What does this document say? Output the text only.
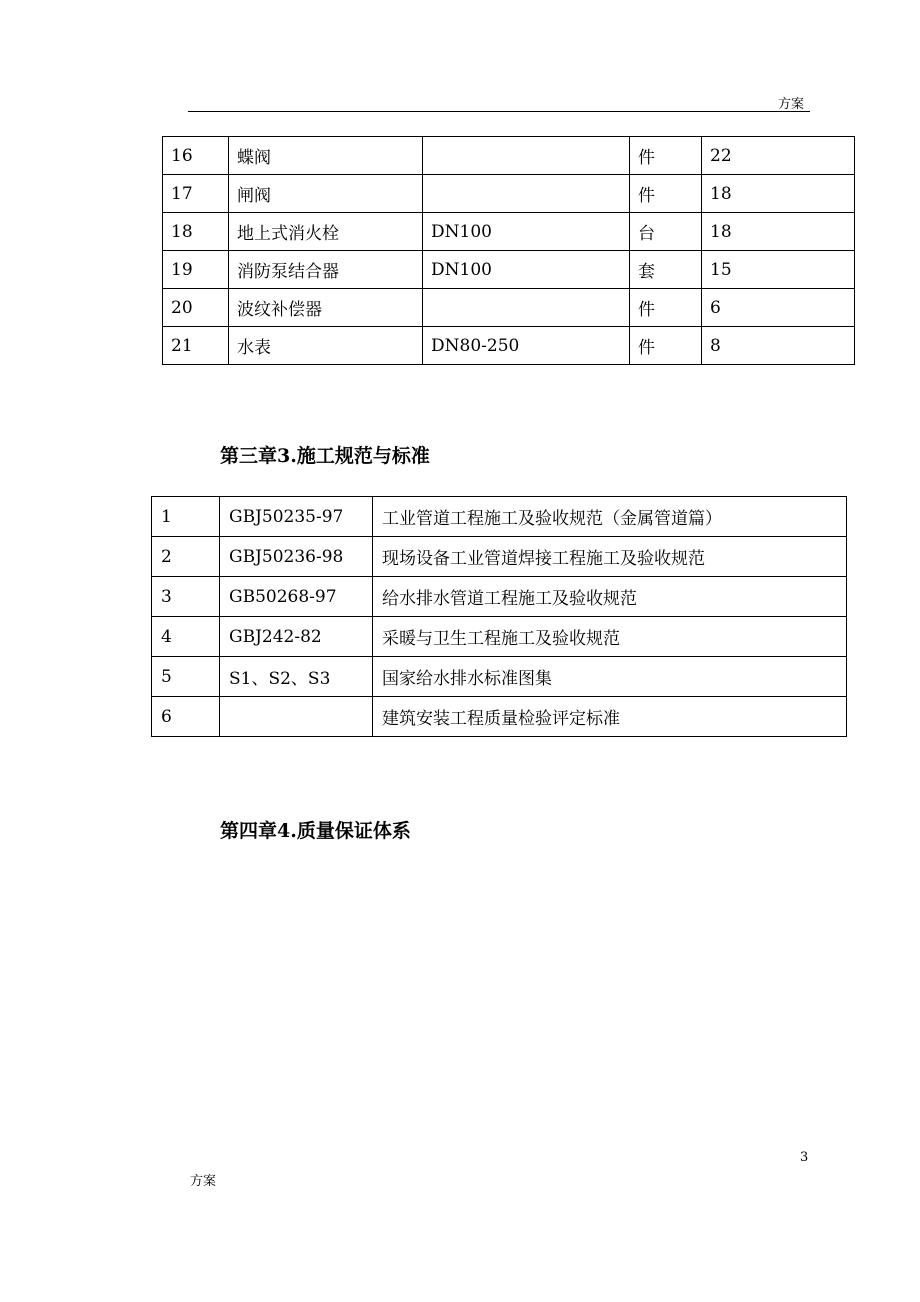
方案
16	蝶阀		件	22
17	闸阀		件	18
18	地上式消火栓	DN100	台	18
19	消防泵结合器	DN100	套	15
20	波纹补偿器		件	6
21	水表	DN80-250	件	8
第三章3.施工规范与标准
1	GBJ50235-97	工业管道工程施工及验收规范（金属管道篇）
2	GBJ50236-98	现场设备工业管道焊接工程施工及验收规范
3	GB50268-97	给水排水管道工程施工及验收规范
4	GBJ242-82	采暖与卫生工程施工及验收规范
5	S1、S2、S3	国家给水排水标准图集
6		建筑安装工程质量检验评定标准
第四章4.质量保证体系
3
方案
